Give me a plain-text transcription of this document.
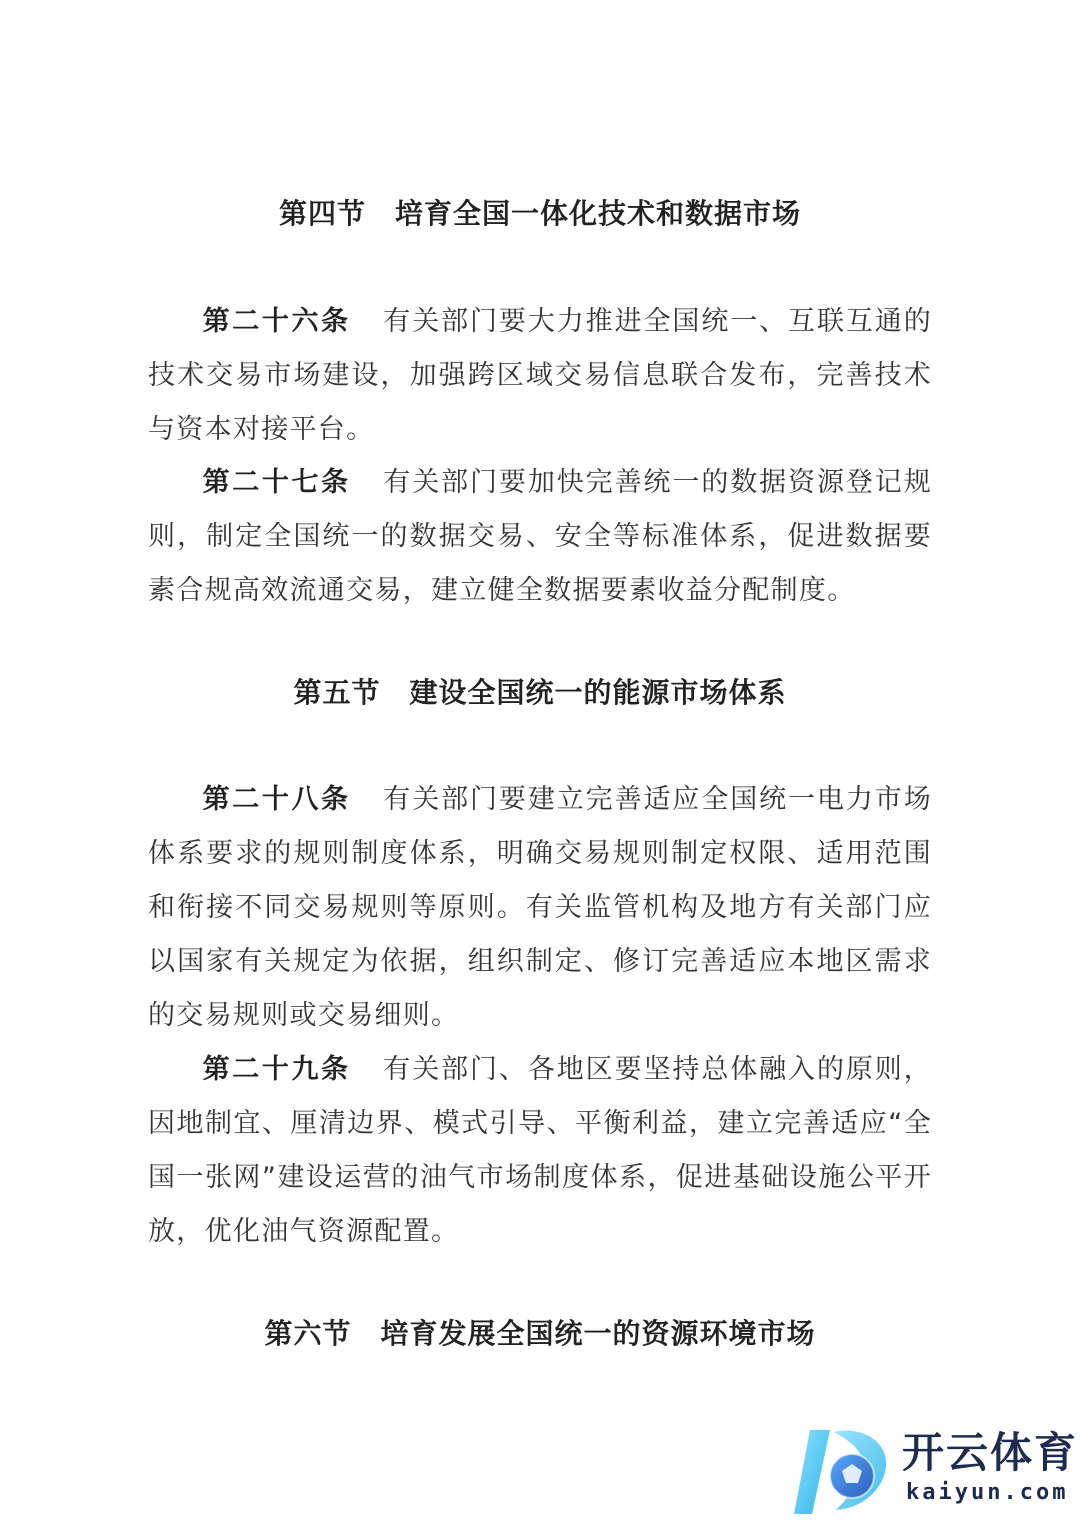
第四节　培育全国一体化技术和数据市场
第二十六条 有关部门要大力推进全国统一、互联互通的技术交易市场建设，加强跨区域交易信息联合发布，完善技术与资本对接平台。
第二十七条 有关部门要加快完善统一的数据资源登记规则，制定全国统一的数据交易、安全等标准体系，促进数据要素合规高效流通交易，建立健全数据要素收益分配制度。
第五节　建设全国统一的能源市场体系
第二十八条 有关部门要建立完善适应全国统一电力市场体系要求的规则制度体系，明确交易规则制定权限、适用范围和衔接不同交易规则等原则。有关监管机构及地方有关部门应以国家有关规定为依据，组织制定、修订完善适应本地区需求的交易规则或交易细则。
第二十九条 有关部门、各地区要坚持总体融入的原则，因地制宜、厘清边界、模式引导、平衡利益，建立完善适应“全国一张网”建设运营的油气市场制度体系，促进基础设施公平开放，优化油气资源配置。
第六节　培育发展全国统一的资源环境市场
开云体育
kaiyun.com
